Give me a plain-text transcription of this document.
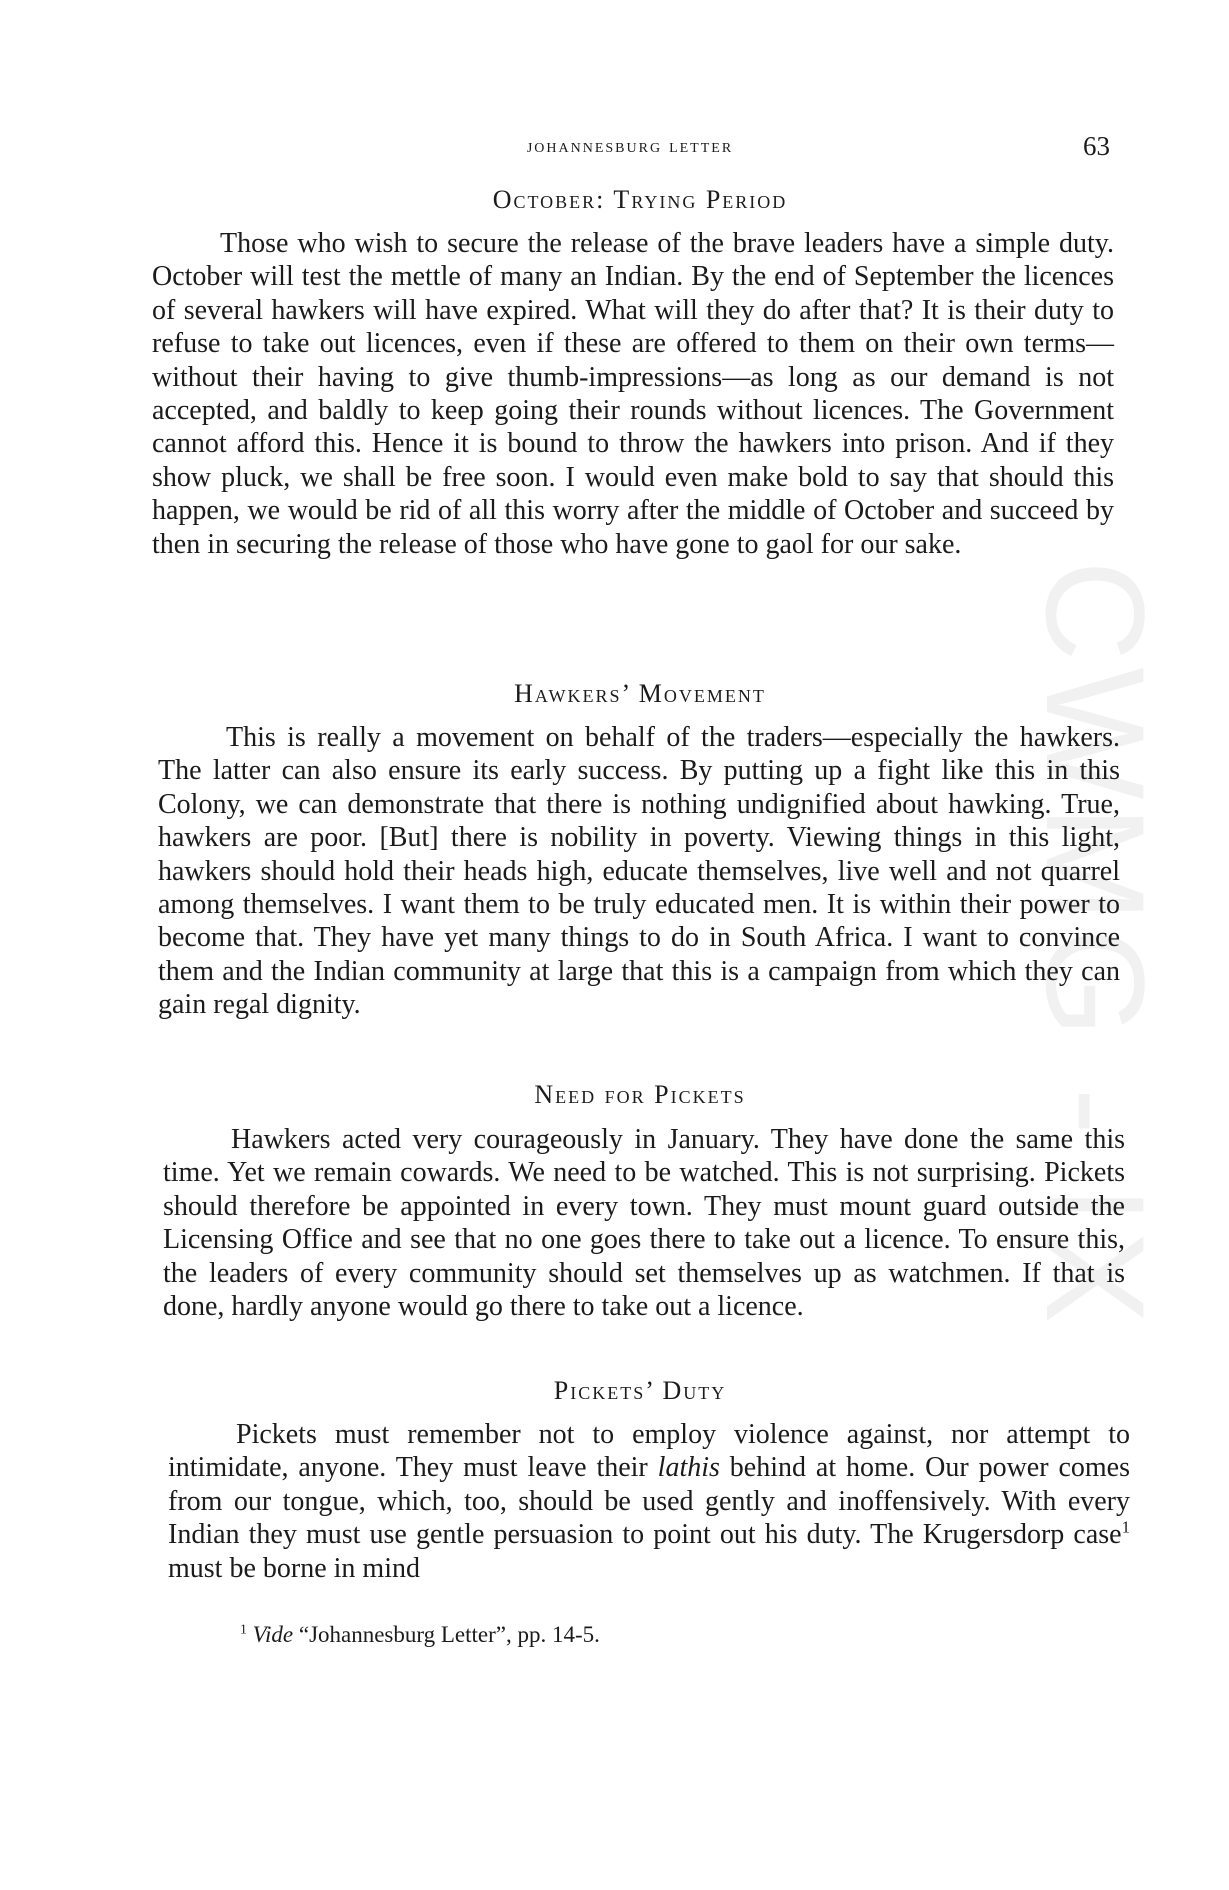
CWMG - IX
johannesburg letter	63
October: Trying Period

Those who wish to secure the release of the brave leaders have a simple duty. October will test the mettle of many an Indian. By the end of September the licences of several hawkers will have expired. What will they do after that? It is their duty to refuse to take out licences, even if these are offered to them on their own terms— without their having to give thumb-impressions—as long as our demand is not accepted, and baldly to keep going their rounds without licences. The Government cannot afford this. Hence it is bound to throw the hawkers into prison. And if they show pluck, we shall be free soon. I would even make bold to say that should this happen, we would be rid of all this worry after the middle of October and succeed by then in securing the release of those who have gone to gaol for our sake.

Hawkers’ Movement

This is really a movement on behalf of the traders—especially the hawkers. The latter can also ensure its early success. By putting up a fight like this in this Colony, we can demonstrate that there is nothing undignified about hawking. True, hawkers are poor. [But] there is nobility in poverty. Viewing things in this light, hawkers should hold their heads high, educate themselves, live well and not quarrel among themselves. I want them to be truly educated men. It is within their power to become that. They have yet many things to do in South Africa. I want to convince them and the Indian community at large that this is a campaign from which they can gain regal dignity.

Need for Pickets

Hawkers acted very courageously in January. They have done the same this time. Yet we remain cowards. We need to be watched. This is not surprising. Pickets should therefore be appointed in every town. They must mount guard outside the Licensing Office and see that no one goes there to take out a licence. To ensure this, the leaders of every community should set themselves up as watchmen. If that is done, hardly anyone would go there to take out a licence.

Pickets’ Duty

Pickets must remember not to employ violence against, nor attempt to intimidate, anyone. They must leave their lathis behind at home. Our power comes from our tongue, which, too, should be used gently and inoffensively. With every Indian they must use gentle persuasion to point out his duty. The Krugersdorp case$^1$ must be borne in mind

$^1$ Vide “Johannesburg Letter”, pp. 14-5.
